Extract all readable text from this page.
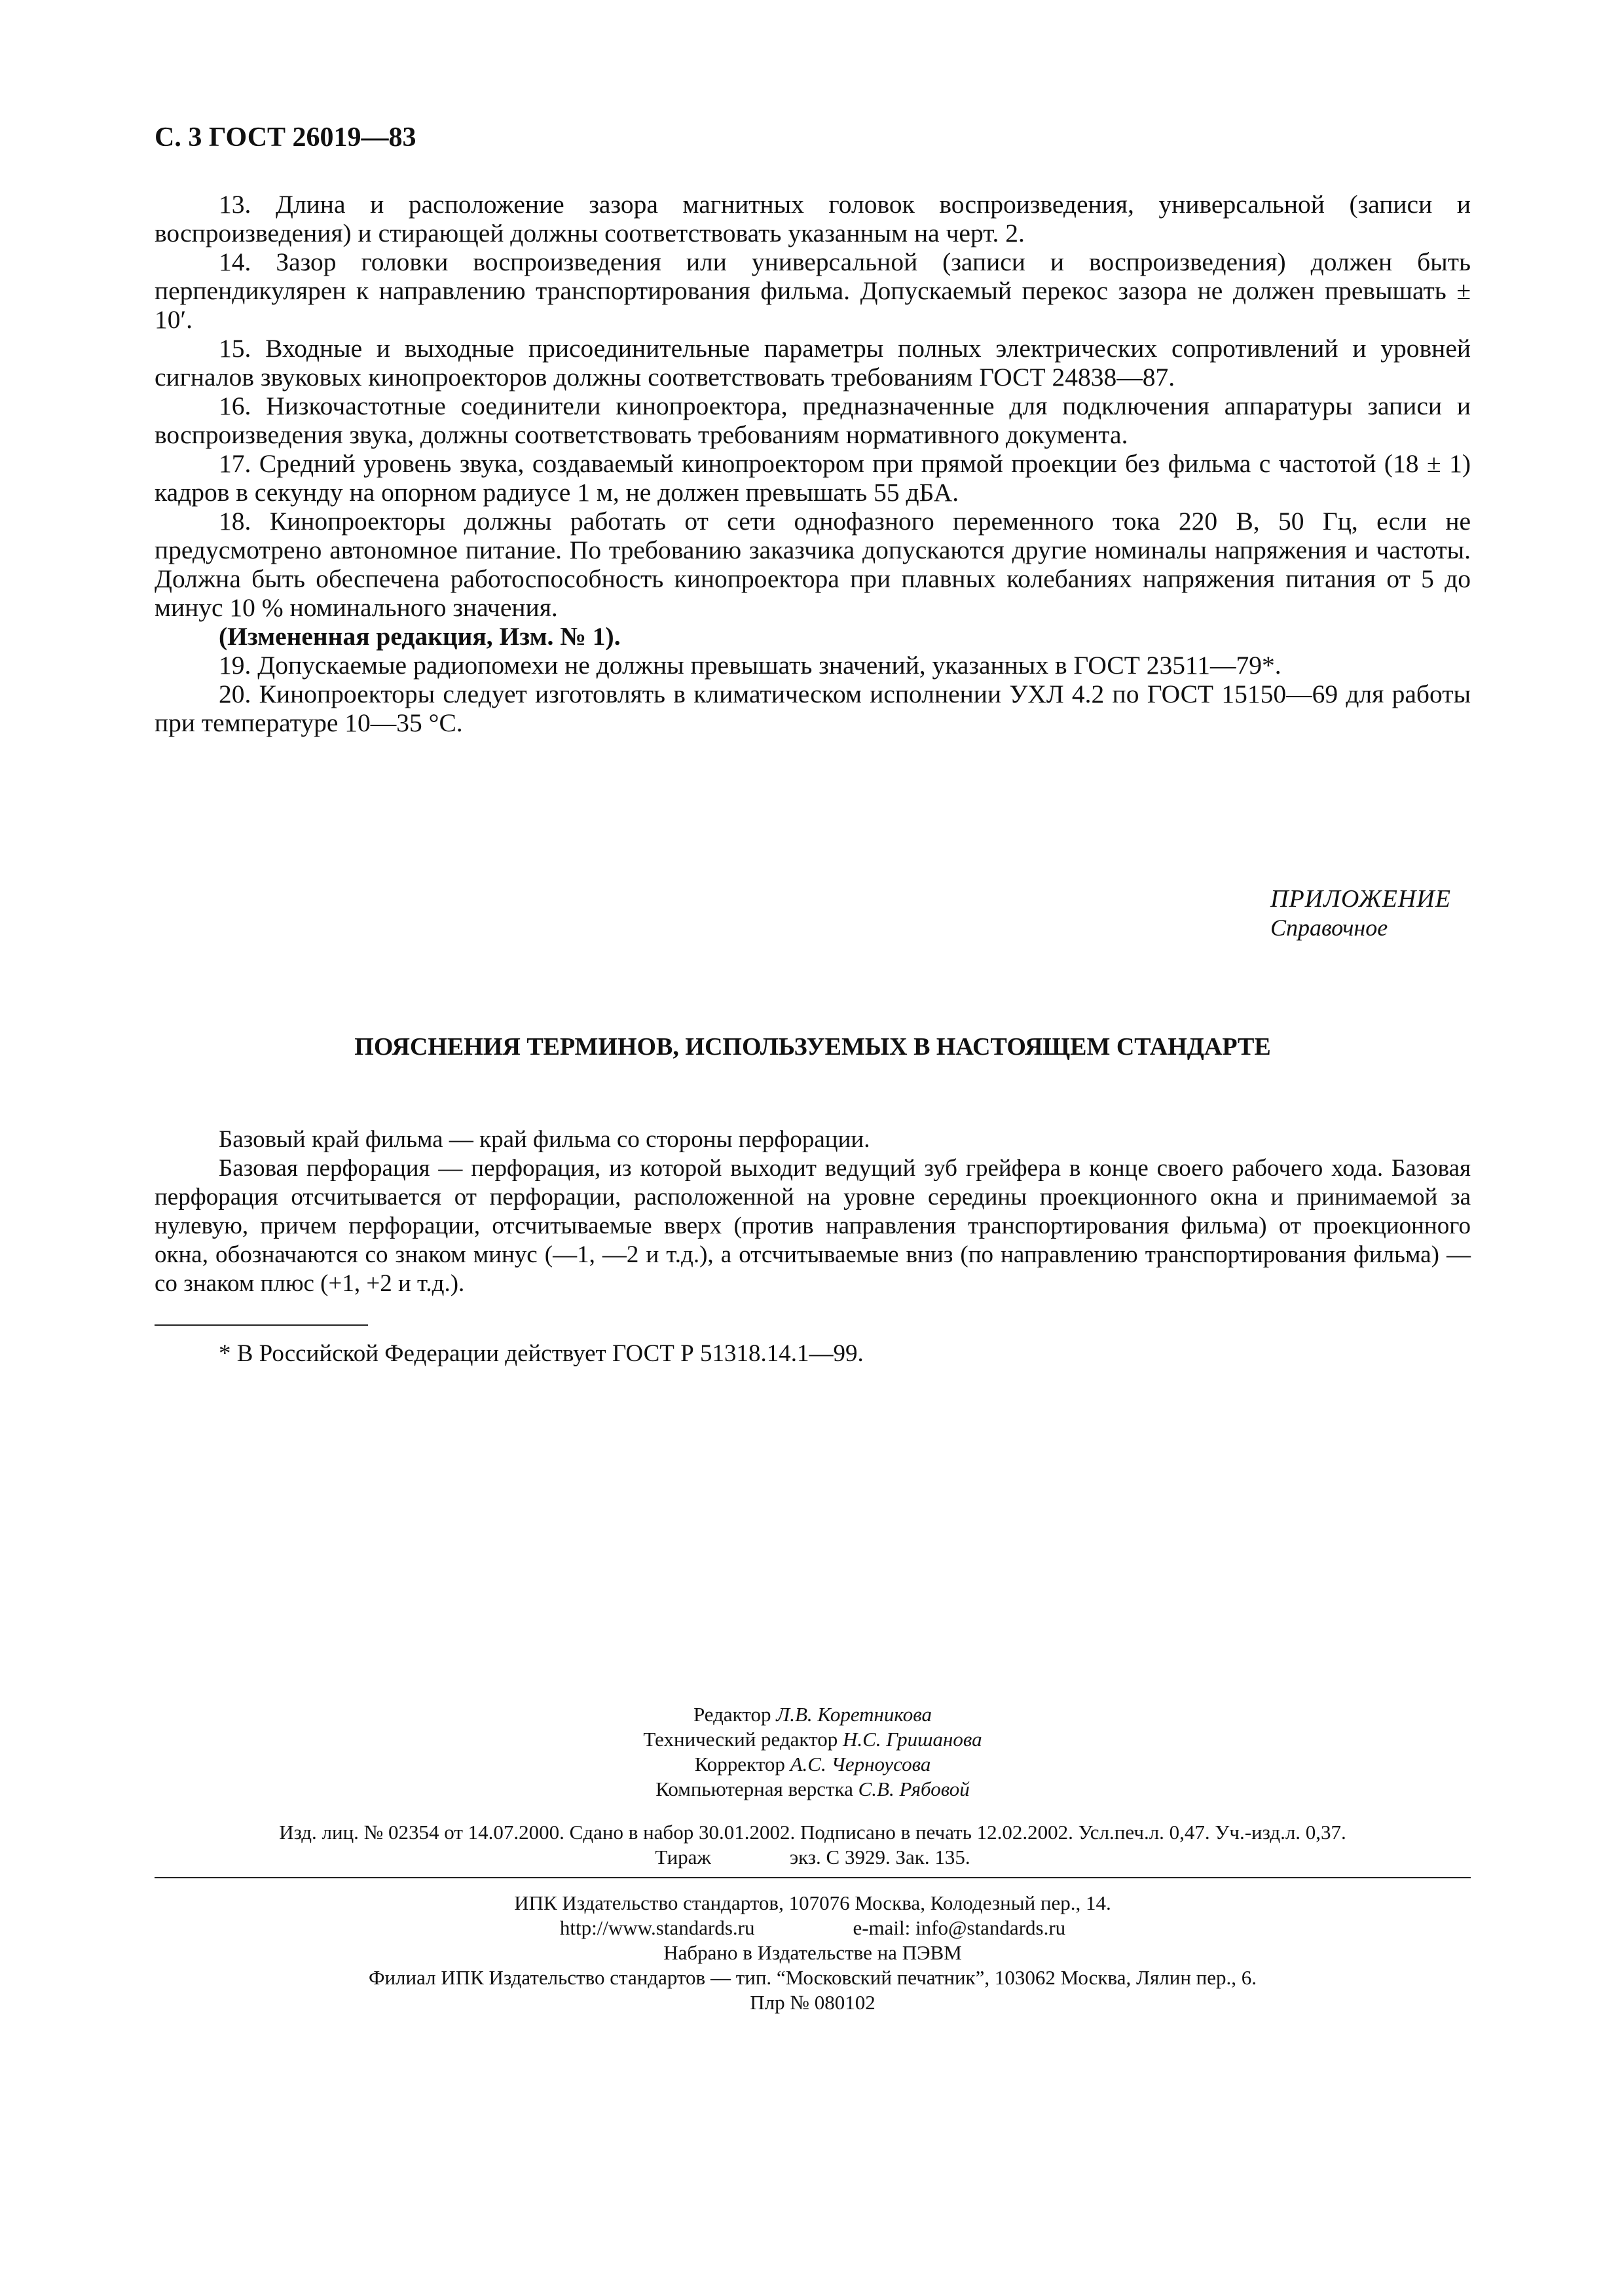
С. 3 ГОСТ 26019—83

13. Длина и расположение зазора магнитных головок воспроизведения, универсальной (записи и воспроизведения) и стирающей должны соответствовать указанным на черт. 2.

14. Зазор головки воспроизведения или универсальной (записи и воспроизведения) должен быть перпендикулярен к направлению транспортирования фильма. Допускаемый перекос зазора не должен превышать ± 10′.

15. Входные и выходные присоединительные параметры полных электрических сопротивлений и уровней сигналов звуковых кинопроекторов должны соответствовать требованиям ГОСТ 24838—87.

16. Низкочастотные соединители кинопроектора, предназначенные для подключения аппаратуры записи и воспроизведения звука, должны соответствовать требованиям нормативного документа.

17. Средний уровень звука, создаваемый кинопроектором при прямой проекции без фильма с частотой (18 ± 1) кадров в секунду на опорном радиусе 1 м, не должен превышать 55 дБА.

18. Кинопроекторы должны работать от сети однофазного переменного тока 220 В, 50 Гц, если не предусмотрено автономное питание. По требованию заказчика допускаются другие номиналы напряжения и частоты. Должна быть обеспечена работоспособность кинопроектора при плавных колебаниях напряжения питания от 5 до минус 10 % номинального значения.

(Измененная редакция, Изм. № 1).

19. Допускаемые радиопомехи не должны превышать значений, указанных в ГОСТ 23511—79*.

20. Кинопроекторы следует изготовлять в климатическом исполнении УХЛ 4.2 по ГОСТ 15150—69 для работы при температуре 10—35 °С.

ПРИЛОЖЕНИЕ
Справочное
ПОЯСНЕНИЯ ТЕРМИНОВ, ИСПОЛЬЗУЕМЫХ В НАСТОЯЩЕМ СТАНДАРТЕ

Базовый край фильма — край фильма со стороны перфорации.

Базовая перфорация — перфорация, из которой выходит ведущий зуб грейфера в конце своего рабочего хода. Базовая перфорация отсчитывается от перфорации, расположенной на уровне середины проекционного окна и принимаемой за нулевую, причем перфорации, отсчитываемые вверх (против направления транспортирования фильма) от проекционного окна, обозначаются со знаком минус (—1, —2 и т.д.), а отсчитываемые вниз (по направлению транспортирования фильма) — со знаком плюс (+1, +2 и т.д.).

* В Российской Федерации действует ГОСТ Р 51318.14.1—99.

Редактор Л.В. Коретникова
Технический редактор Н.С. Гришанова
Корректор А.С. Черноусова
Компьютерная верстка С.В. Рябовой
Изд. лиц. № 02354 от 14.07.2000. Сдано в набор 30.01.2002. Подписано в печать 12.02.2002. Усл.печ.л. 0,47. Уч.-изд.л. 0,37.
Тираж	экз. С 3929. Зак. 135.
ИПК Издательство стандартов, 107076 Москва, Колодезный пер., 14.
http://www.standards.ru	e-mail: info@standards.ru
Набрано в Издательстве на ПЭВМ
Филиал ИПК Издательство стандартов — тип. “Московский печатник”, 103062 Москва, Лялин пер., 6.
Плр № 080102
